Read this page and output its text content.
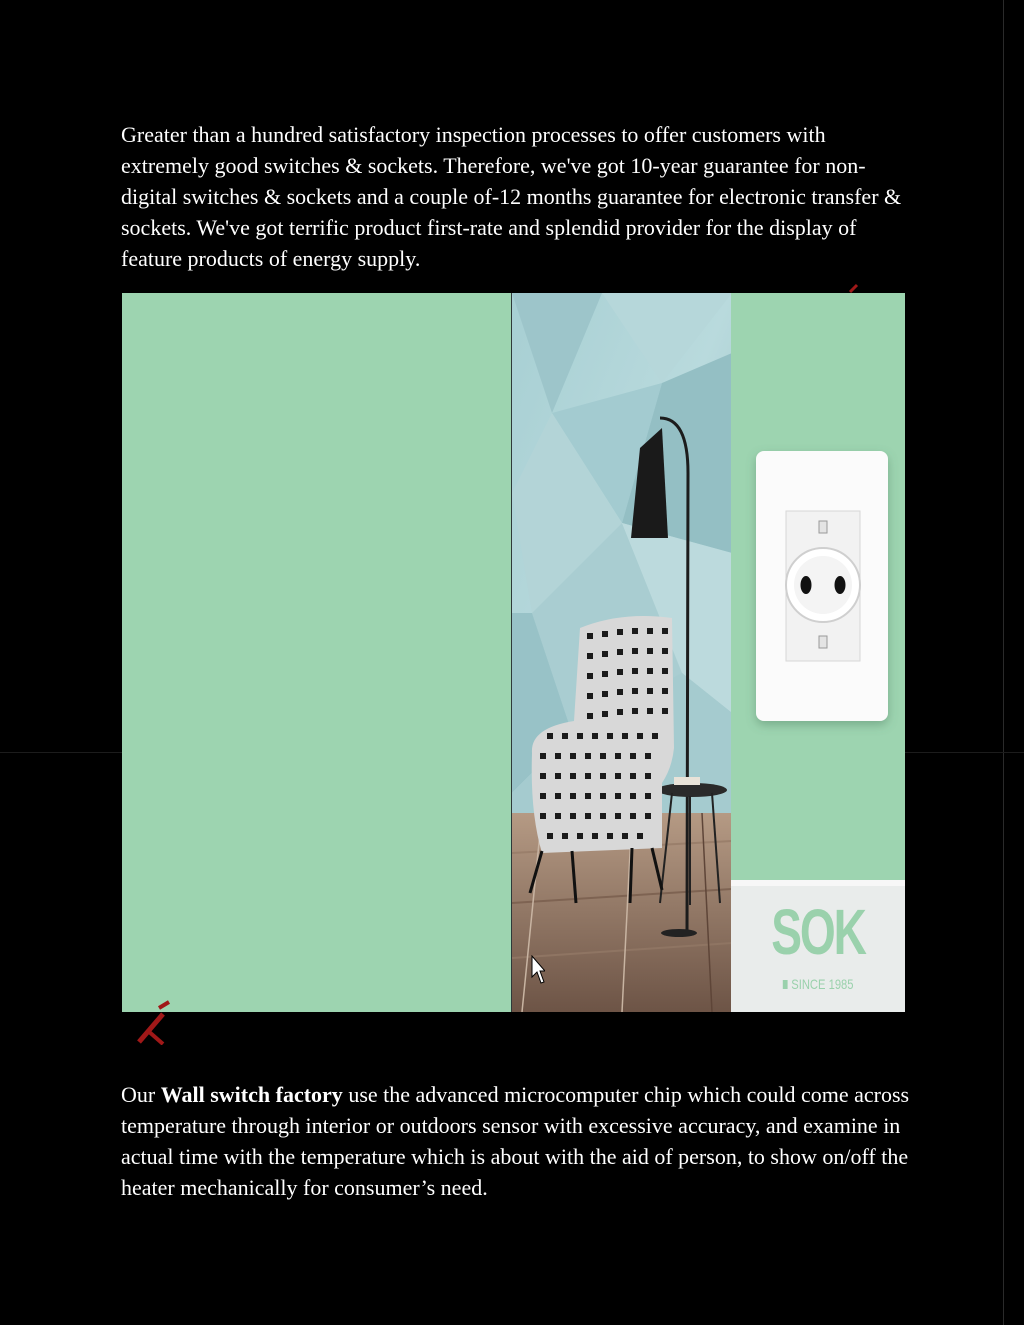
Greater than a hundred satisfactory inspection processes to offer customers with extremely good switches & sockets. Therefore, we've got 10-year guarantee for non-digital switches & sockets and a couple of-12 months guarantee for electronic transfer & sockets. We've got terrific product first-rate and splendid provider for the display of feature products of energy supply.

SOK
SINCE 1985

Our Wall switch factory use the advanced microcomputer chip which could come across temperature through interior or outdoors sensor with excessive accuracy, and examine in actual time with the temperature which is about with the aid of person, to show on/off the heater mechanically for consumer’s need.
